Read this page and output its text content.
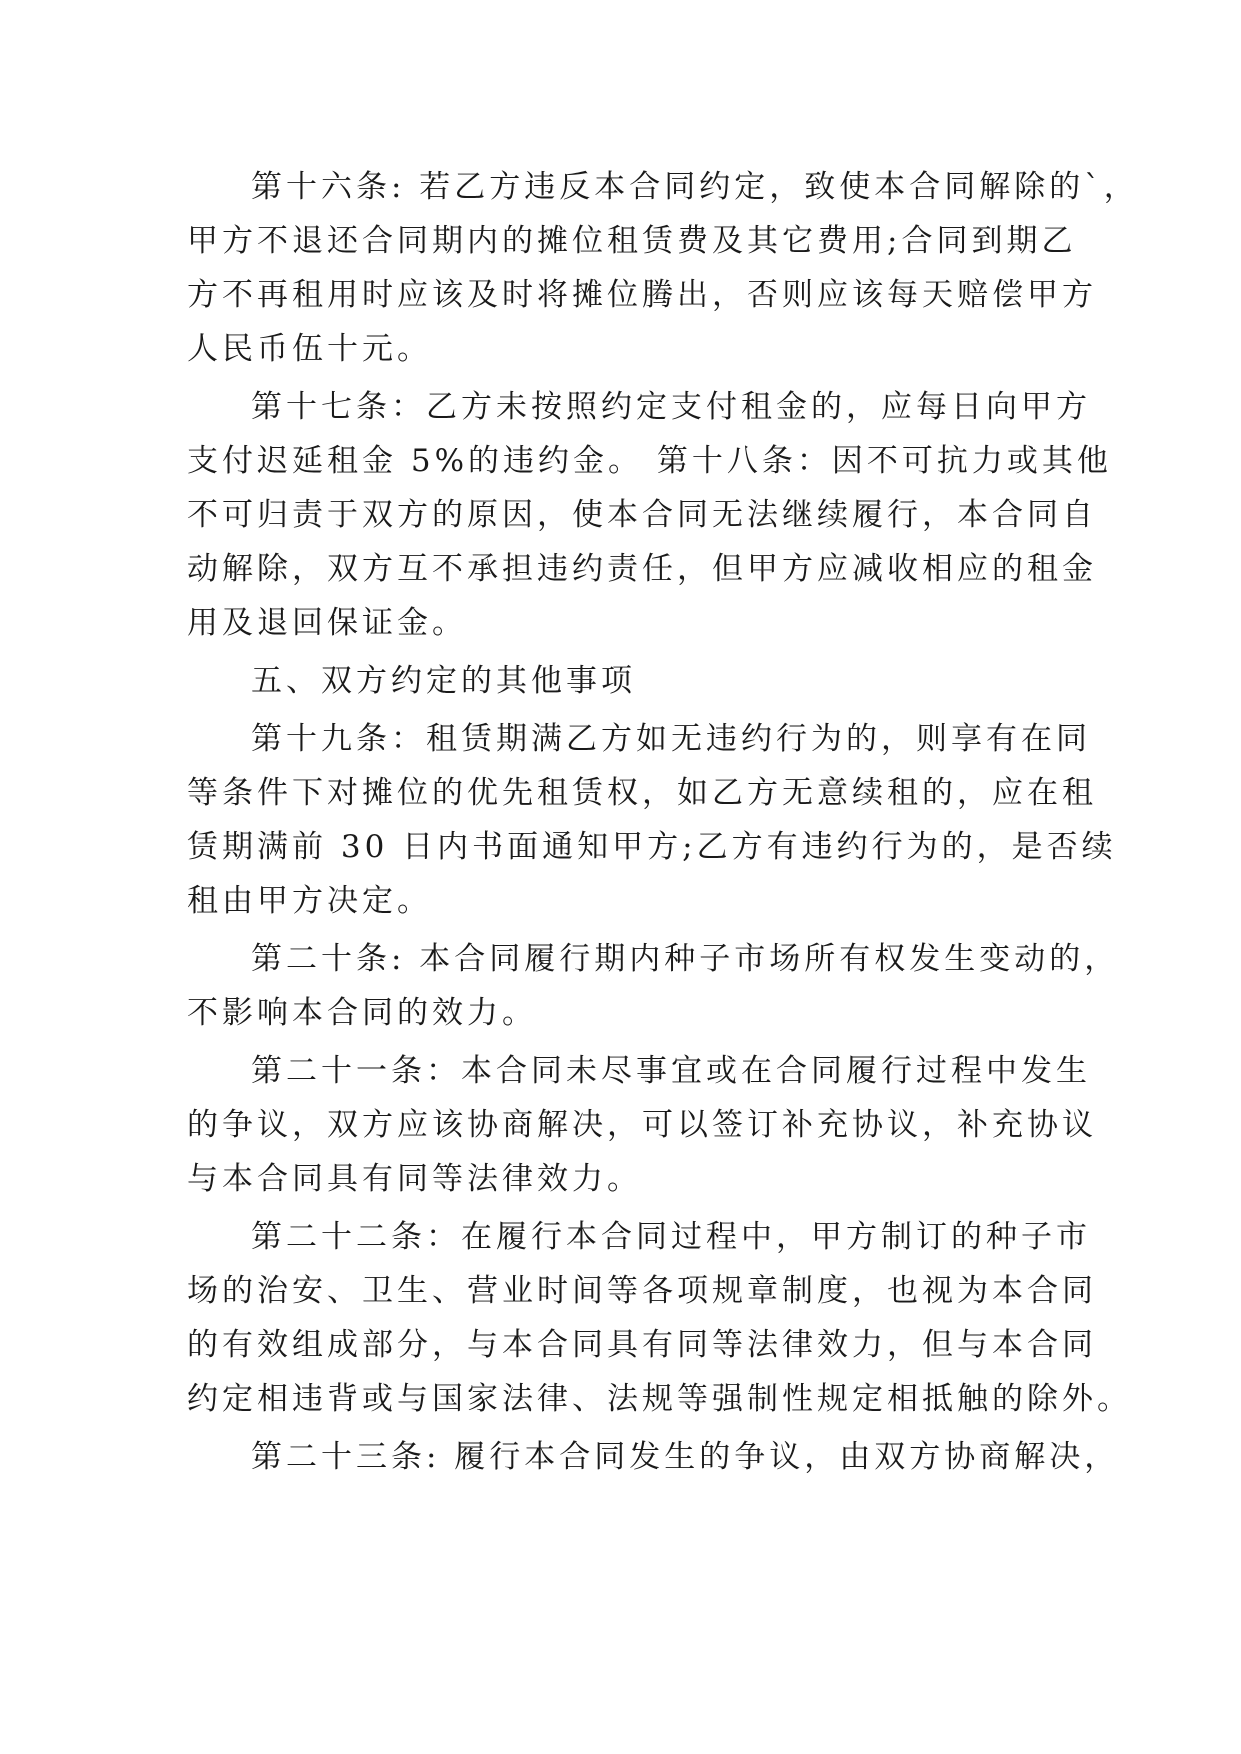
第十六条: 若乙方违反本合同约定，致使本合同解除的`，
甲方不退还合同期内的摊位租赁费及其它费用;合同到期乙
方不再租用时应该及时将摊位腾出，否则应该每天赔偿甲方
人民币伍十元。
第十七条：乙方未按照约定支付租金的，应每日向甲方
支付迟延租金 5%的违约金。 第十八条：因不可抗力或其他
不可归责于双方的原因，使本合同无法继续履行，本合同自
动解除，双方互不承担违约责任，但甲方应减收相应的租金
用及退回保证金。
五、双方约定的其他事项
第十九条：租赁期满乙方如无违约行为的，则享有在同
等条件下对摊位的优先租赁权，如乙方无意续租的，应在租
赁期满前 30 日内书面通知甲方;乙方有违约行为的，是否续
租由甲方决定。
第二十条: 本合同履行期内种子市场所有权发生变动的，
不影响本合同的效力。
第二十一条：本合同未尽事宜或在合同履行过程中发生
的争议，双方应该协商解决，可以签订补充协议，补充协议
与本合同具有同等法律效力。
第二十二条：在履行本合同过程中，甲方制订的种子市
场的治安、卫生、营业时间等各项规章制度，也视为本合同
的有效组成部分，与本合同具有同等法律效力，但与本合同
约定相违背或与国家法律、法规等强制性规定相抵触的除外。
第二十三条: 履行本合同发生的争议，由双方协商解决，
